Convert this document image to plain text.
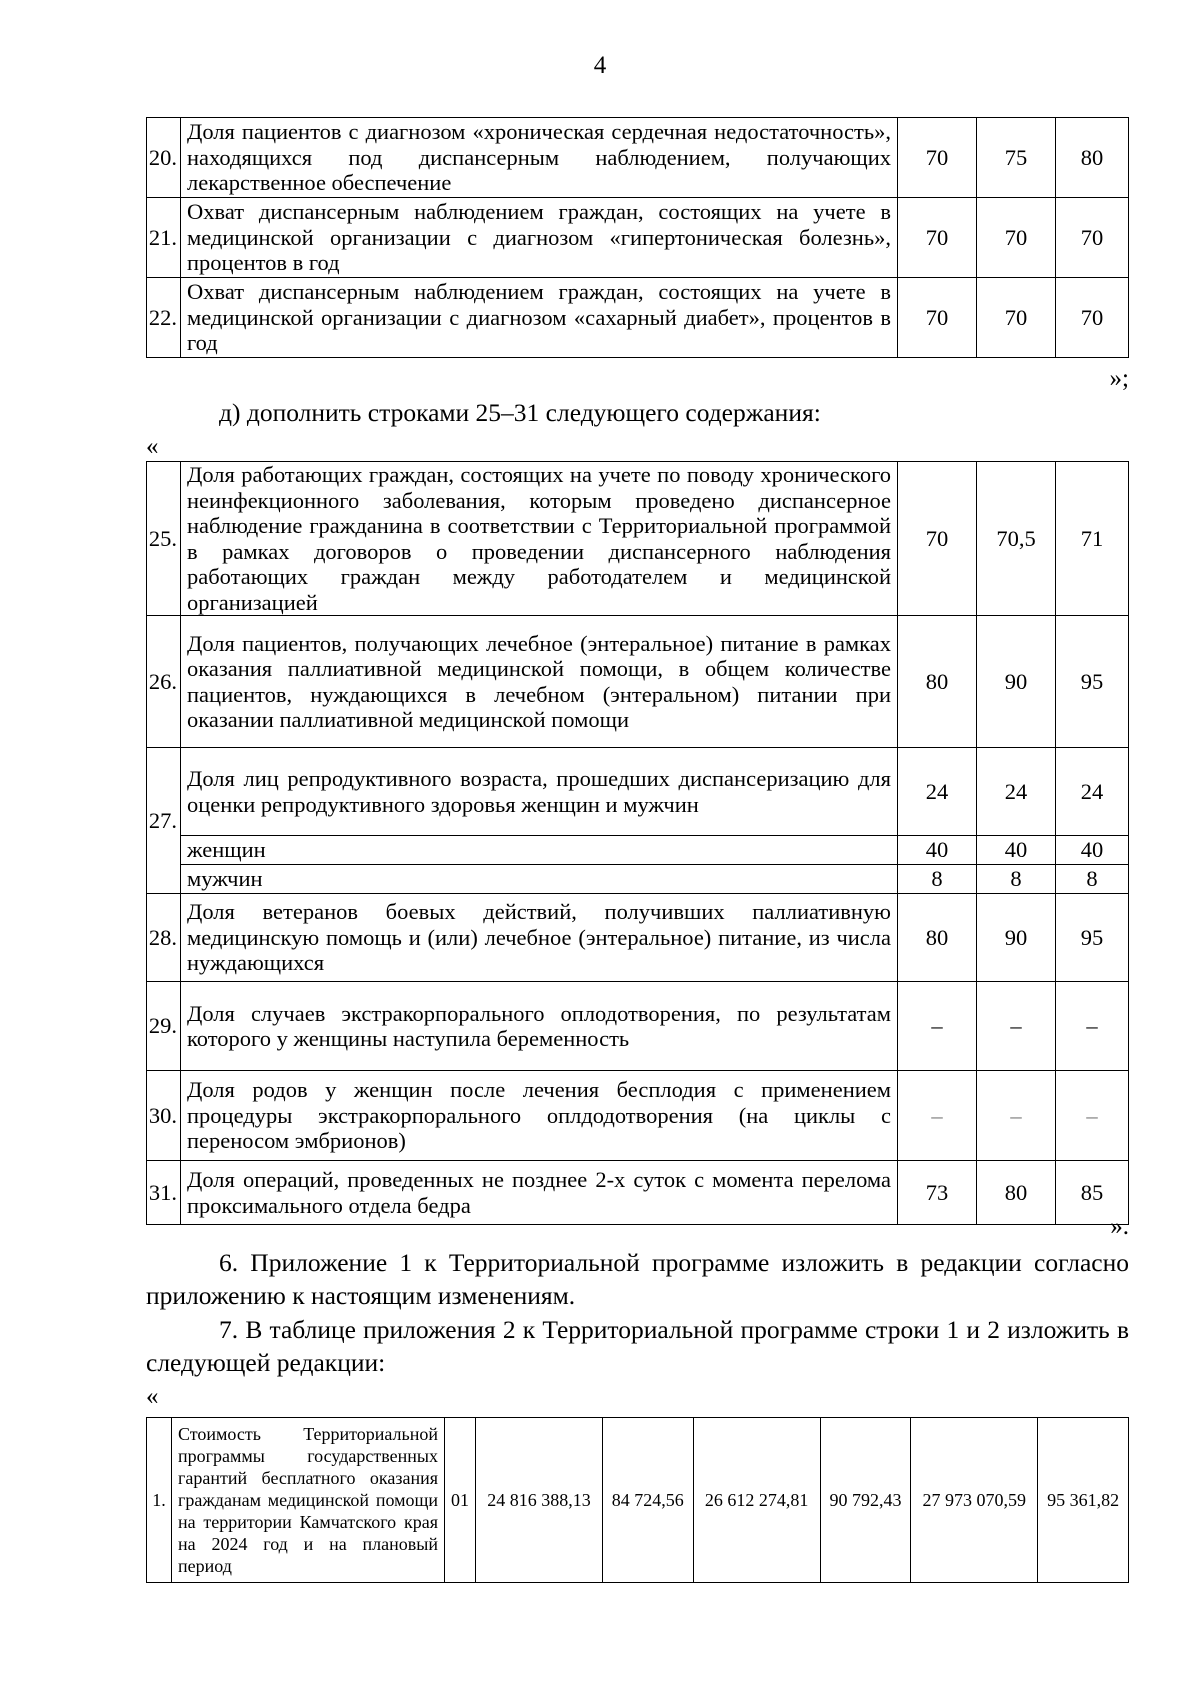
4
20.	Доля пациентов с диагнозом «хроническая сердечная недостаточность», находящихся под диспансерным наблюдением, получающих лекарственное обеспечение	70	75	80
21.	Охват диспансерным наблюдением граждан, состоящих на учете в медицинской организации с диагнозом «гипертоническая болезнь», процентов в год	70	70	70
22.	Охват диспансерным наблюдением граждан, состоящих на учете в медицинской организации с диагнозом «сахарный диабет», процентов в год	70	70	70
»;
д) дополнить строками 25–31 следующего содержания:
«
25.	Доля работающих граждан, состоящих на учете по поводу хронического неинфекционного заболевания, которым проведено диспансерное наблюдение гражданина в соответствии с Территориальной программой в рамках договоров о проведении диспансерного наблюдения работающих граждан между работодателем и медицинской организацией	70	70,5	71
26.	Доля пациентов, получающих лечебное (энтеральное) питание в рамках оказания паллиативной медицинской помощи, в общем количестве пациентов, нуждающихся в лечебном (энтеральном) питании при оказании паллиативной медицинской помощи	80	90	95
27.	Доля лиц репродуктивного возраста, прошедших диспансеризацию для оценки репродуктивного здоровья женщин и мужчин	24	24	24
	женщин	40	40	40
	мужчин	8	8	8
28.	Доля ветеранов боевых действий, получивших паллиативную медицинскую помощь и (или) лечебное (энтеральное) питание, из числа нуждающихся	80	90	95
29.	Доля случаев экстракорпорального оплодотворения, по результатам которого у женщины наступила беременность	–	–	–
30.	Доля родов у женщин после лечения бесплодия с применением процедуры экстракорпорального оплдодотворения (на циклы с переносом эмбрионов)	–	–	–
31.	Доля операций, проведенных не позднее 2-х суток с момента перелома проксимального отдела бедра	73	80	85
».
6. Приложение 1 к Территориальной программе изложить в редакции согласно приложению к настоящим изменениям.
7. В таблице приложения 2 к Территориальной программе строки 1 и 2 изложить в следующей редакции:
«
1.	Стоимость Территориальной программы государственных гарантий бесплатного оказания гражданам медицинской помощи на территории Камчатского края на 2024 год и на плановый период	01	24 816 388,13	84 724,56	26 612 274,81	90 792,43	27 973 070,59	95 361,82
